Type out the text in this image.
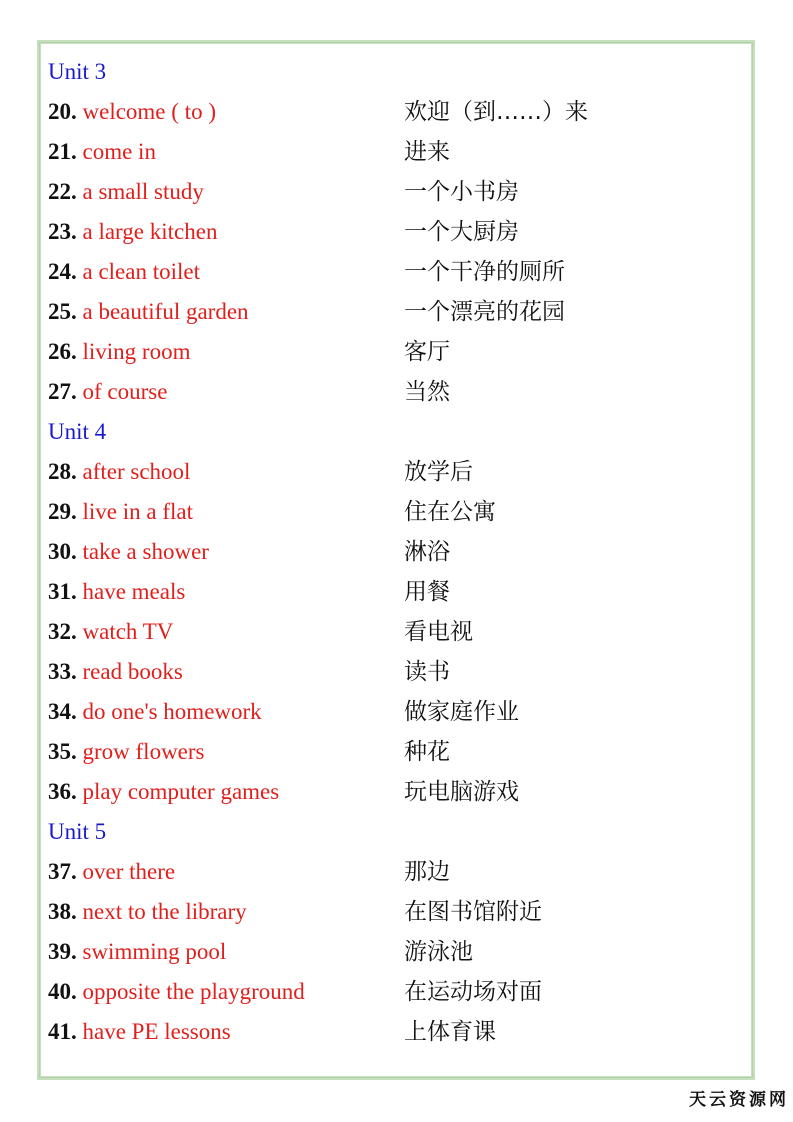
Unit 3
20. welcome ( to )	欢迎（到……）来
21. come in	进来
22. a small study	一个小书房
23. a large kitchen	一个大厨房
24. a clean toilet	一个干净的厕所
25. a beautiful garden	一个漂亮的花园
26. living room	客厅
27. of course	当然
Unit 4
28. after school	放学后
29. live in a flat	住在公寓
30. take a shower	淋浴
31. have meals	用餐
32. watch TV	看电视
33. read books	读书
34. do one's homework	做家庭作业
35. grow flowers	种花
36. play computer games	玩电脑游戏
Unit 5
37. over there	那边
38. next to the library	在图书馆附近
39. swimming pool	游泳池
40. opposite the playground	在运动场对面
41. have PE lessons	上体育课
天云资源网
